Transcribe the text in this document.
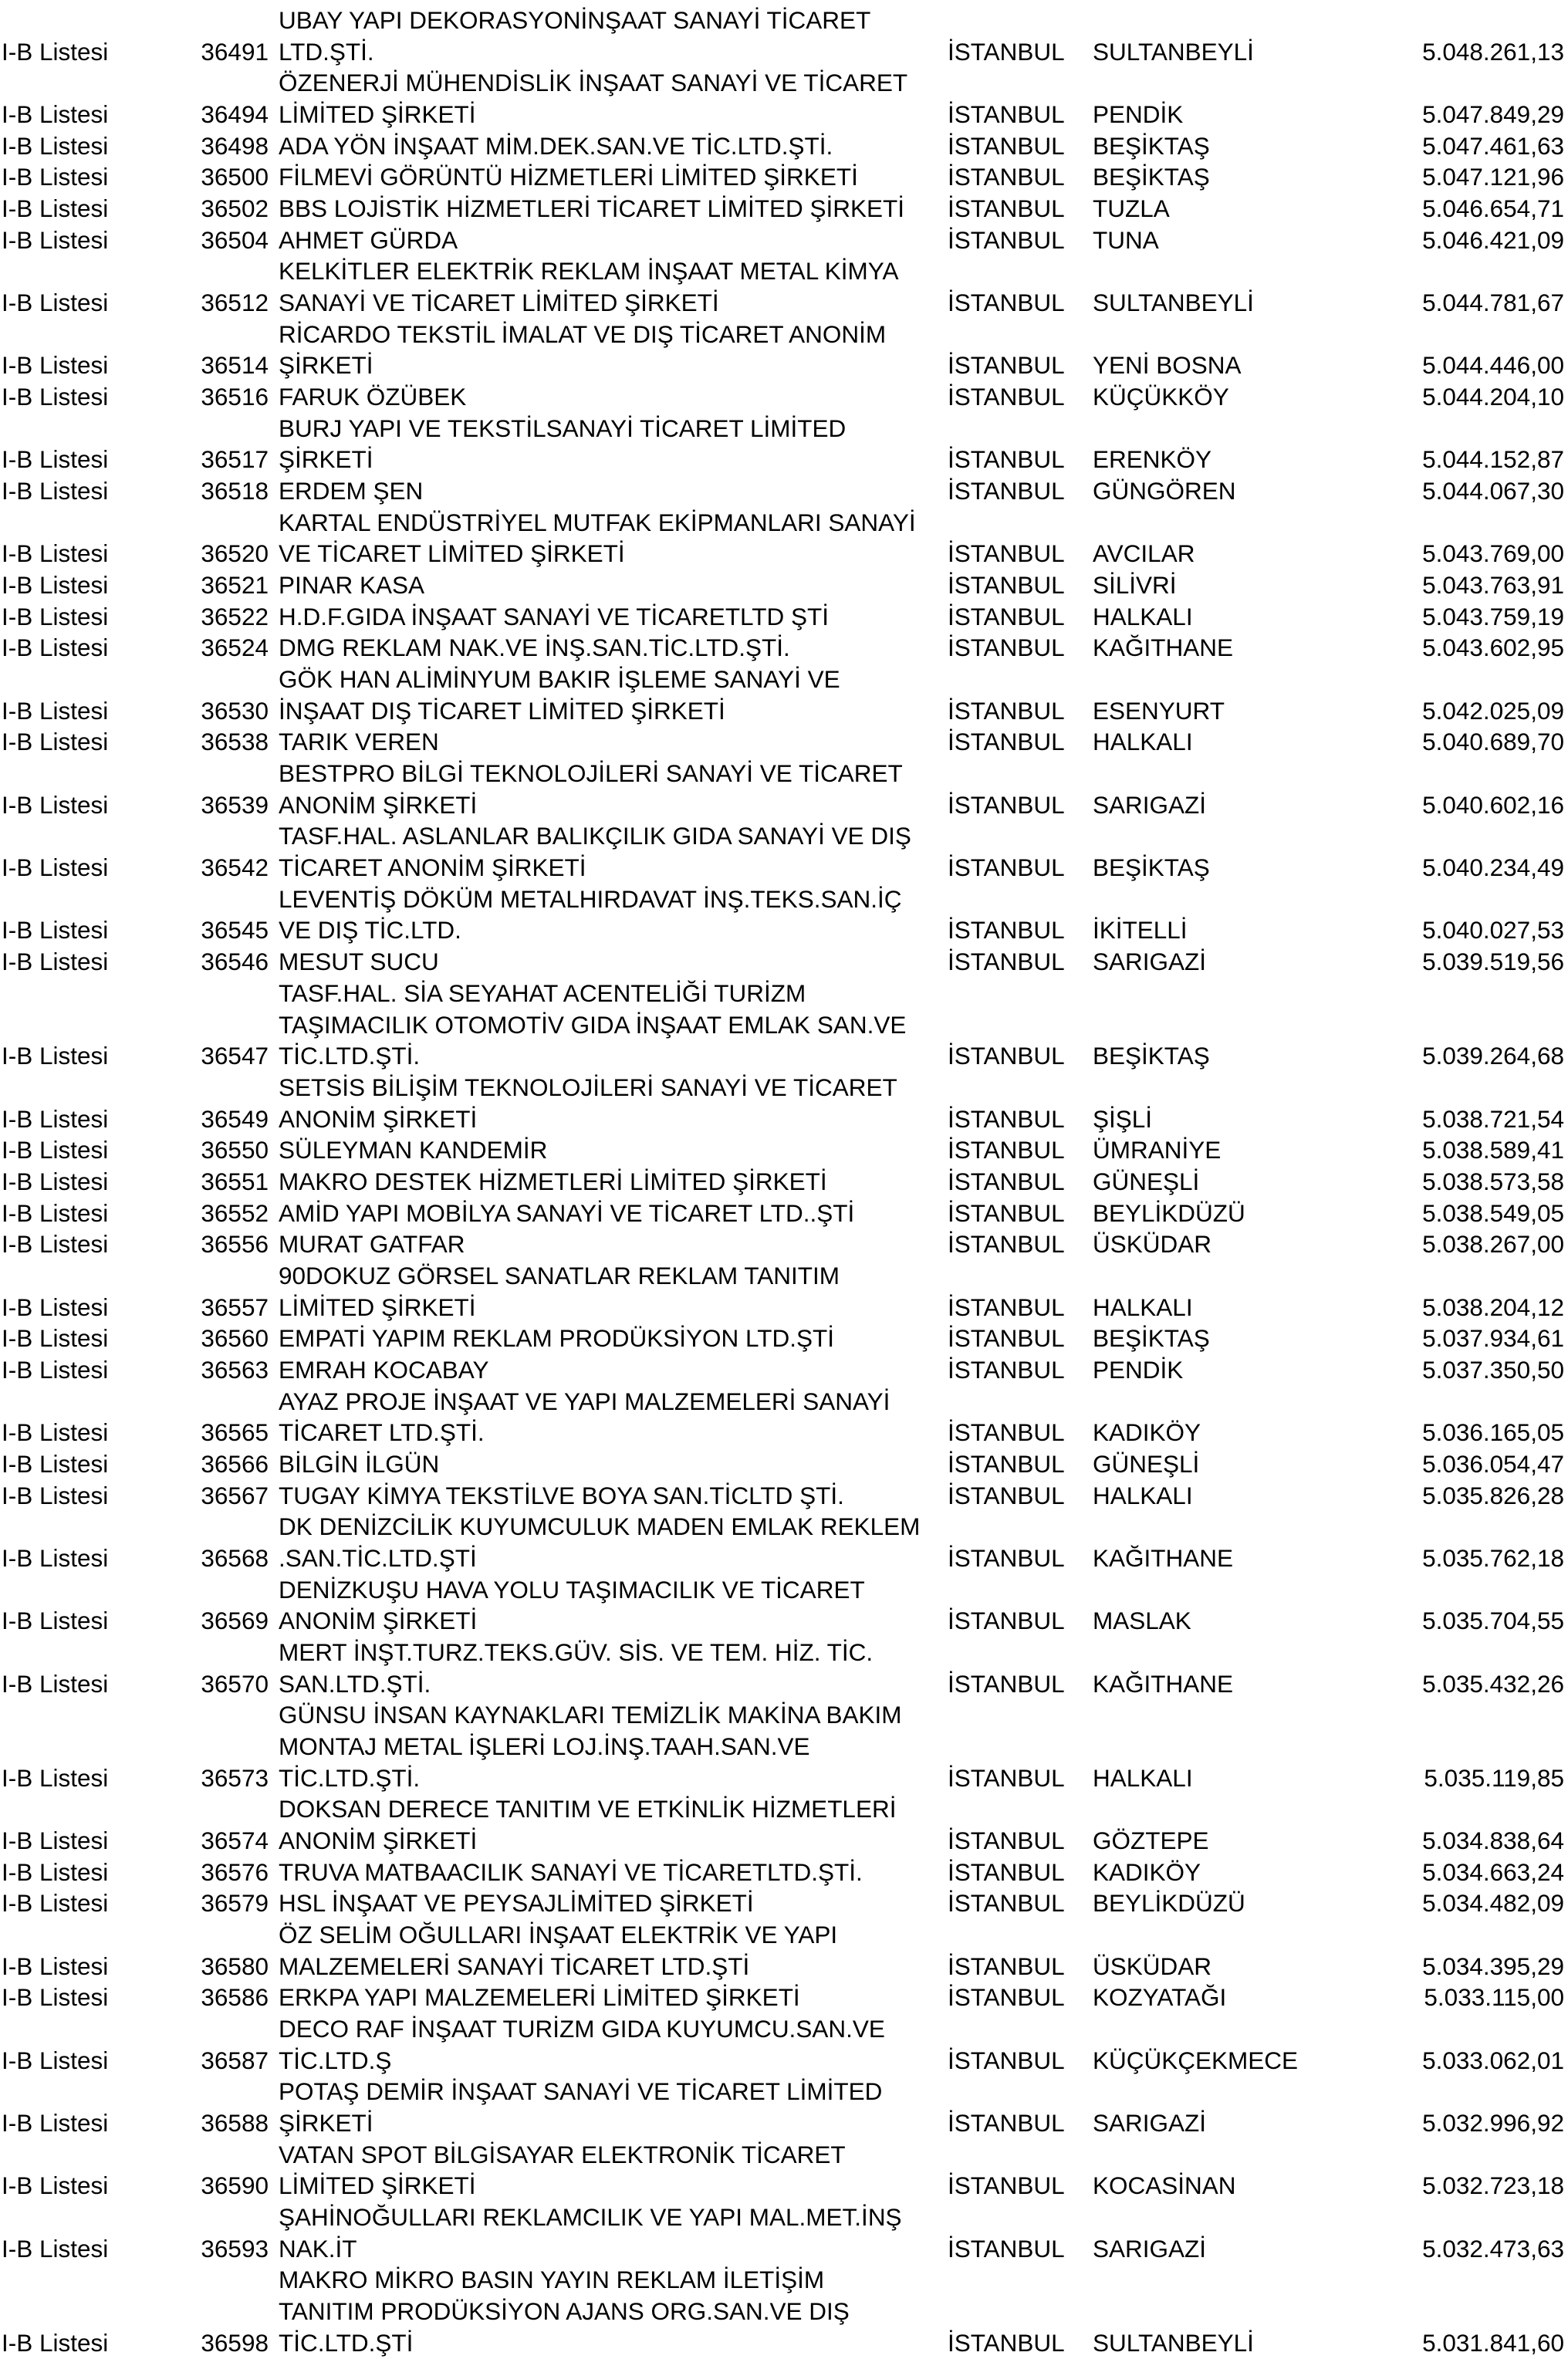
UBAY YAPI DEKORASYONİNŞAAT SANAYİ TİCARET
I-B Listesi	36491 LTD.ŞTİ.	İSTANBUL SULTANBEYLİ	5.048.261,13
ÖZENERJİ MÜHENDİSLİK İNŞAAT SANAYİ VE TİCARET
I-B Listesi	36494 LİMİTED ŞİRKETİ	İSTANBUL PENDİK	5.047.849,29
I-B Listesi	36498 ADA YÖN İNŞAAT MİM.DEK.SAN.VE TİC.LTD.ŞTİ.	İSTANBUL BEŞİKTAŞ	5.047.461,63
I-B Listesi	36500 FİLMEVİ GÖRÜNTÜ HİZMETLERİ LİMİTED ŞİRKETİ	İSTANBUL BEŞİKTAŞ	5.047.121,96
I-B Listesi	36502 BBS LOJİSTİK HİZMETLERİ TİCARET LİMİTED ŞİRKETİ İSTANBUL TUZLA	5.046.654,71
I-B Listesi	36504 AHMET GÜRDA	İSTANBUL TUNA	5.046.421,09
KELKİTLER ELEKTRİK REKLAM İNŞAAT METAL KİMYA
I-B Listesi	36512 SANAYİ VE TİCARET LİMİTED ŞİRKETİ	İSTANBUL SULTANBEYLİ	5.044.781,67
RİCARDO TEKSTİL İMALAT VE DIŞ TİCARET ANONİM
I-B Listesi	36514 ŞİRKETİ	İSTANBUL YENİ BOSNA	5.044.446,00
I-B Listesi	36516 FARUK ÖZÜBEK	İSTANBUL KÜÇÜKKÖY	5.044.204,10
BURJ YAPI VE TEKSTİLSANAYİ TİCARET LİMİTED
I-B Listesi	36517 ŞİRKETİ	İSTANBUL ERENKÖY	5.044.152,87
I-B Listesi	36518 ERDEM ŞEN	İSTANBUL GÜNGÖREN	5.044.067,30
KARTAL ENDÜSTRİYEL MUTFAK EKİPMANLARI SANAYİ
I-B Listesi	36520 VE TİCARET LİMİTED ŞİRKETİ	İSTANBUL AVCILAR	5.043.769,00
I-B Listesi	36521 PINAR KASA	İSTANBUL SİLİVRİ	5.043.763,91
I-B Listesi	36522 H.D.F.GIDA İNŞAAT SANAYİ VE TİCARETLTD ŞTİ	İSTANBUL HALKALI	5.043.759,19
I-B Listesi	36524 DMG REKLAM NAK.VE İNŞ.SAN.TİC.LTD.ŞTİ.	İSTANBUL KAĞITHANE	5.043.602,95
GÖK HAN ALİMİNYUM BAKIR İŞLEME SANAYİ VE
I-B Listesi	36530 İNŞAAT DIŞ TİCARET LİMİTED ŞİRKETİ	İSTANBUL ESENYURT	5.042.025,09
I-B Listesi	36538 TARIK VEREN	İSTANBUL HALKALI	5.040.689,70
BESTPRO BİLGİ TEKNOLOJİLERİ SANAYİ VE TİCARET
I-B Listesi	36539 ANONİM ŞİRKETİ	İSTANBUL SARIGAZİ	5.040.602,16
TASF.HAL. ASLANLAR BALIKÇILIK GIDA SANAYİ VE DIŞ
I-B Listesi	36542 TİCARET ANONİM ŞİRKETİ	İSTANBUL BEŞİKTAŞ	5.040.234,49
LEVENTİŞ DÖKÜM METALHIRDAVAT İNŞ.TEKS.SAN.İÇ
I-B Listesi	36545 VE DIŞ TİC.LTD.	İSTANBUL İKİTELLİ	5.040.027,53
I-B Listesi	36546 MESUT SUCU	İSTANBUL SARIGAZİ	5.039.519,56
TASF.HAL. SİA SEYAHAT ACENTELİĞİ TURİZM
TAŞIMACILIK OTOMOTİV GIDA İNŞAAT EMLAK SAN.VE
I-B Listesi	36547 TİC.LTD.ŞTİ.	İSTANBUL BEŞİKTAŞ	5.039.264,68
SETSİS BİLİŞİM TEKNOLOJİLERİ SANAYİ VE TİCARET
I-B Listesi	36549 ANONİM ŞİRKETİ	İSTANBUL ŞİŞLİ	5.038.721,54
I-B Listesi	36550 SÜLEYMAN KANDEMİR	İSTANBUL ÜMRANİYE	5.038.589,41
I-B Listesi	36551 MAKRO DESTEK HİZMETLERİ LİMİTED ŞİRKETİ	İSTANBUL GÜNEŞLİ	5.038.573,58
I-B Listesi	36552 AMİD YAPI MOBİLYA SANAYİ VE TİCARET LTD..ŞTİ	İSTANBUL BEYLİKDÜZÜ	5.038.549,05
I-B Listesi	36556 MURAT GATFAR	İSTANBUL ÜSKÜDAR	5.038.267,00
90DOKUZ GÖRSEL SANATLAR REKLAM TANITIM
I-B Listesi	36557 LİMİTED ŞİRKETİ	İSTANBUL HALKALI	5.038.204,12
I-B Listesi	36560 EMPATİ YAPIM REKLAM PRODÜKSİYON LTD.ŞTİ	İSTANBUL BEŞİKTAŞ	5.037.934,61
I-B Listesi	36563 EMRAH KOCABAY	İSTANBUL PENDİK	5.037.350,50
AYAZ PROJE İNŞAAT VE YAPI MALZEMELERİ SANAYİ
I-B Listesi	36565 TİCARET LTD.ŞTİ.	İSTANBUL KADIKÖY	5.036.165,05
I-B Listesi	36566 BİLGİN İLGÜN	İSTANBUL GÜNEŞLİ	5.036.054,47
I-B Listesi	36567 TUGAY KİMYA TEKSTİLVE BOYA SAN.TİCLTD ŞTİ.	İSTANBUL HALKALI	5.035.826,28
DK DENİZCİLİK KUYUMCULUK MADEN EMLAK REKLEM
I-B Listesi	36568 .SAN.TİC.LTD.ŞTİ	İSTANBUL KAĞITHANE	5.035.762,18
DENİZKUŞU HAVA YOLU TAŞIMACILIK VE TİCARET
I-B Listesi	36569 ANONİM ŞİRKETİ	İSTANBUL MASLAK	5.035.704,55
MERT İNŞT.TURZ.TEKS.GÜV. SİS. VE TEM. HİZ. TİC.
I-B Listesi	36570 SAN.LTD.ŞTİ.	İSTANBUL KAĞITHANE	5.035.432,26
GÜNSU İNSAN KAYNAKLARI TEMİZLİK MAKİNA BAKIM
MONTAJ METAL İŞLERİ LOJ.İNŞ.TAAH.SAN.VE
I-B Listesi	36573 TİC.LTD.ŞTİ.	İSTANBUL HALKALI	5.035.119,85
DOKSAN DERECE TANITIM VE ETKİNLİK HİZMETLERİ
I-B Listesi	36574 ANONİM ŞİRKETİ	İSTANBUL GÖZTEPE	5.034.838,64
I-B Listesi	36576 TRUVA MATBAACILIK SANAYİ VE TİCARETLTD.ŞTİ.	İSTANBUL KADIKÖY	5.034.663,24
I-B Listesi	36579 HSL İNŞAAT VE PEYSAJLİMİTED ŞİRKETİ	İSTANBUL BEYLİKDÜZÜ	5.034.482,09
ÖZ SELİM OĞULLARI İNŞAAT ELEKTRİK VE YAPI
I-B Listesi	36580 MALZEMELERİ SANAYİ TİCARET LTD.ŞTİ	İSTANBUL ÜSKÜDAR	5.034.395,29
I-B Listesi	36586 ERKPA YAPI MALZEMELERİ LİMİTED ŞİRKETİ	İSTANBUL KOZYATAĞI	5.033.115,00
DECO RAF İNŞAAT TURİZM GIDA KUYUMCU.SAN.VE
I-B Listesi	36587 TİC.LTD.Ş	İSTANBUL KÜÇÜKÇEKMECE	5.033.062,01
POTAŞ DEMİR İNŞAAT SANAYİ VE TİCARET LİMİTED
I-B Listesi	36588 ŞİRKETİ	İSTANBUL SARIGAZİ	5.032.996,92
VATAN SPOT BİLGİSAYAR ELEKTRONİK TİCARET
I-B Listesi	36590 LİMİTED ŞİRKETİ	İSTANBUL KOCASİNAN	5.032.723,18
ŞAHİNOĞULLARI REKLAMCILIK VE YAPI MAL.MET.İNŞ
I-B Listesi	36593 NAK.İT	İSTANBUL SARIGAZİ	5.032.473,63
MAKRO MİKRO BASIN YAYIN REKLAM İLETİŞİM
TANITIM PRODÜKSİYON AJANS ORG.SAN.VE DIŞ
I-B Listesi	36598 TİC.LTD.ŞTİ	İSTANBUL SULTANBEYLİ	5.031.841,60
